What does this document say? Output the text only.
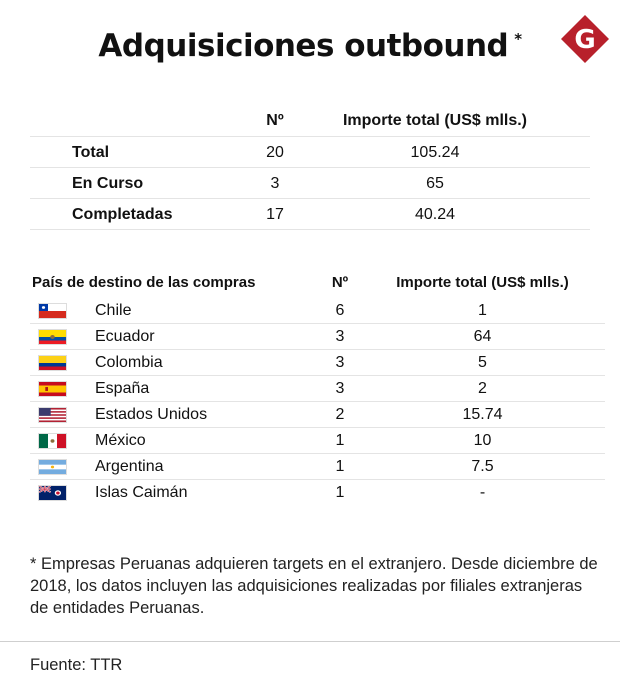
Adquisiciones outbound *	G
Nº	Importe total (US$ mlls.)
Total	20	105.24
En Curso	3	65
Completadas	17	40.24
País de destino de las compras	Nº	Importe total (US$ mlls.)
Chile	6	1
Ecuador	3	64
Colombia	3	5
España	3	2
Estados Unidos	2	15.74
México	1	10
Argentina	1	7.5
Islas Caimán	1	-

* Empresas Peruanas adquieren targets en el extranjero. Desde diciembre de 2018, los datos incluyen las adquisiciones realizadas por filiales extranjeras de entidades Peruanas.

Fuente: TTR
